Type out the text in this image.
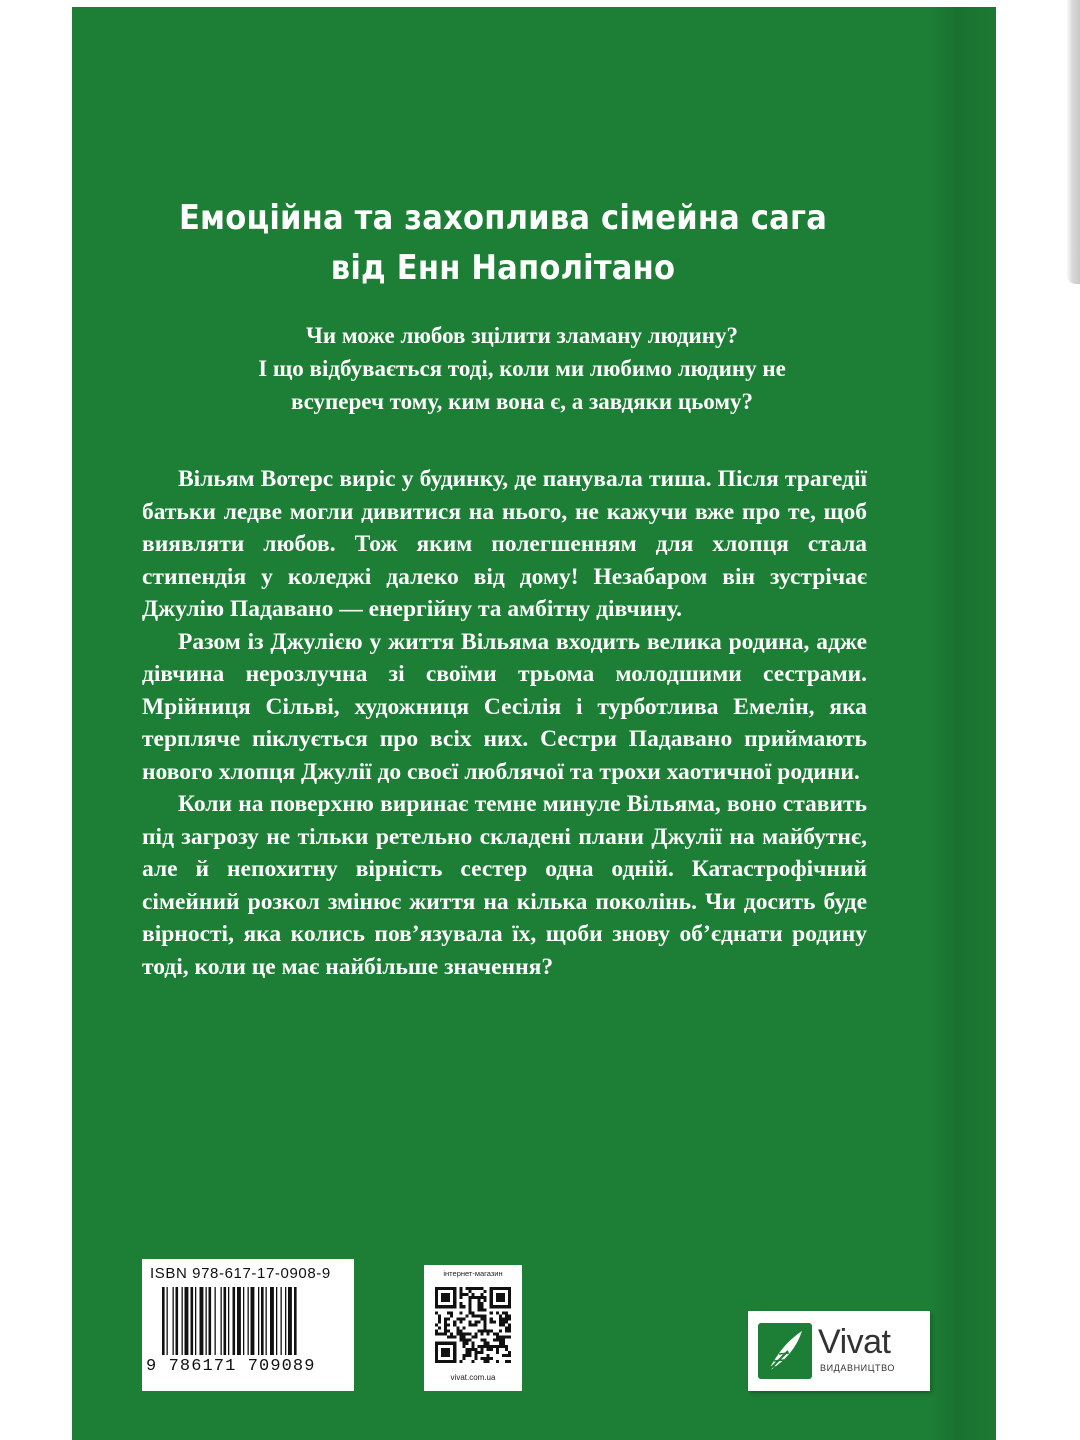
Емоційна та захоплива сімейна сага
від Енн Наполітано
Чи може любов зцілити зламану людину?
І що відбувається тоді, коли ми любимо людину не
всупереч тому, ким вона є, а завдяки цьому?

Вільям Вотерс виріс у будинку, де панувала тиша. Після трагедії батьки ледве могли дивитися на нього, не кажучи вже про те, щоб виявляти любов. Тож яким полегшенням для хлопця стала стипендія у коледжі далеко від дому! Незабаром він зустрічає Джулію Падавано — енергійну та амбітну дівчину.

Разом із Джулією у життя Вільяма входить велика родина, адже дівчина нерозлучна зі своїми трьома молодшими сестрами. Мрійниця Сільві, художниця Сесілія і турботлива Емелін, яка терпляче піклується про всіх них. Сестри Падавано приймають нового хлопця Джулії до своєї люблячої та трохи хаотичної родини.

Коли на поверхню виринає темне минуле Вільяма, воно ставить під загрозу не тільки ретельно складені плани Джулії на майбутнє, але й непохитну вірність сестер одна одній. Катастрофічний сімейний розкол змінює життя на кілька поколінь. Чи досить буде вірності, яка колись пов’язувала їх, щоби знову об’єднати родину тоді, коли це має найбільше значення?

ISBN 978-617-17-0908-9
9 786171 709089
інтернет-магазин
vivat.com.ua
Vivat
ВИДАВНИЦТВО
